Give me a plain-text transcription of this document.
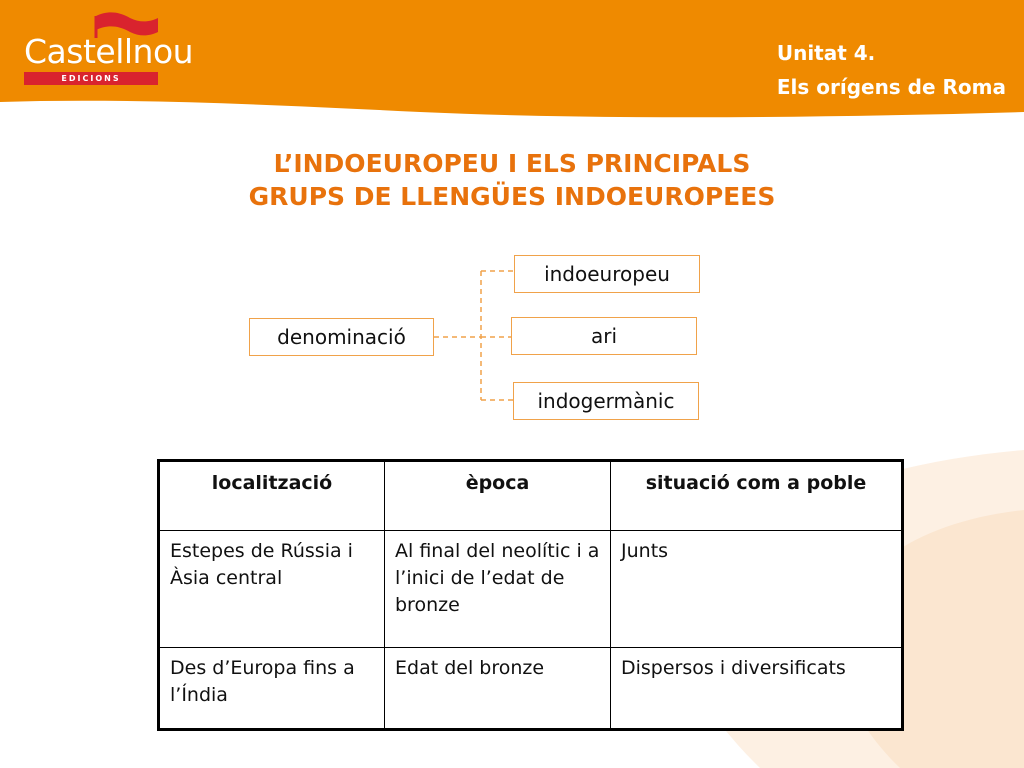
Castellnou
EDICIONS
Unitat 4.
Els orígens de Roma
L’INDOEUROPEU I ELS PRINCIPALS
GRUPS DE LLENGÜES INDOEUROPEES
denominació
indoeuropeu
ari
indogermànic
localització	època	situació com a poble
Estepes de Rússia i Àsia central	Al final del neolític i a l’inici de l’edat de bronze	Junts
Des d’Europa fins a l’Índia	Edat del bronze	Dispersos i diversificats
